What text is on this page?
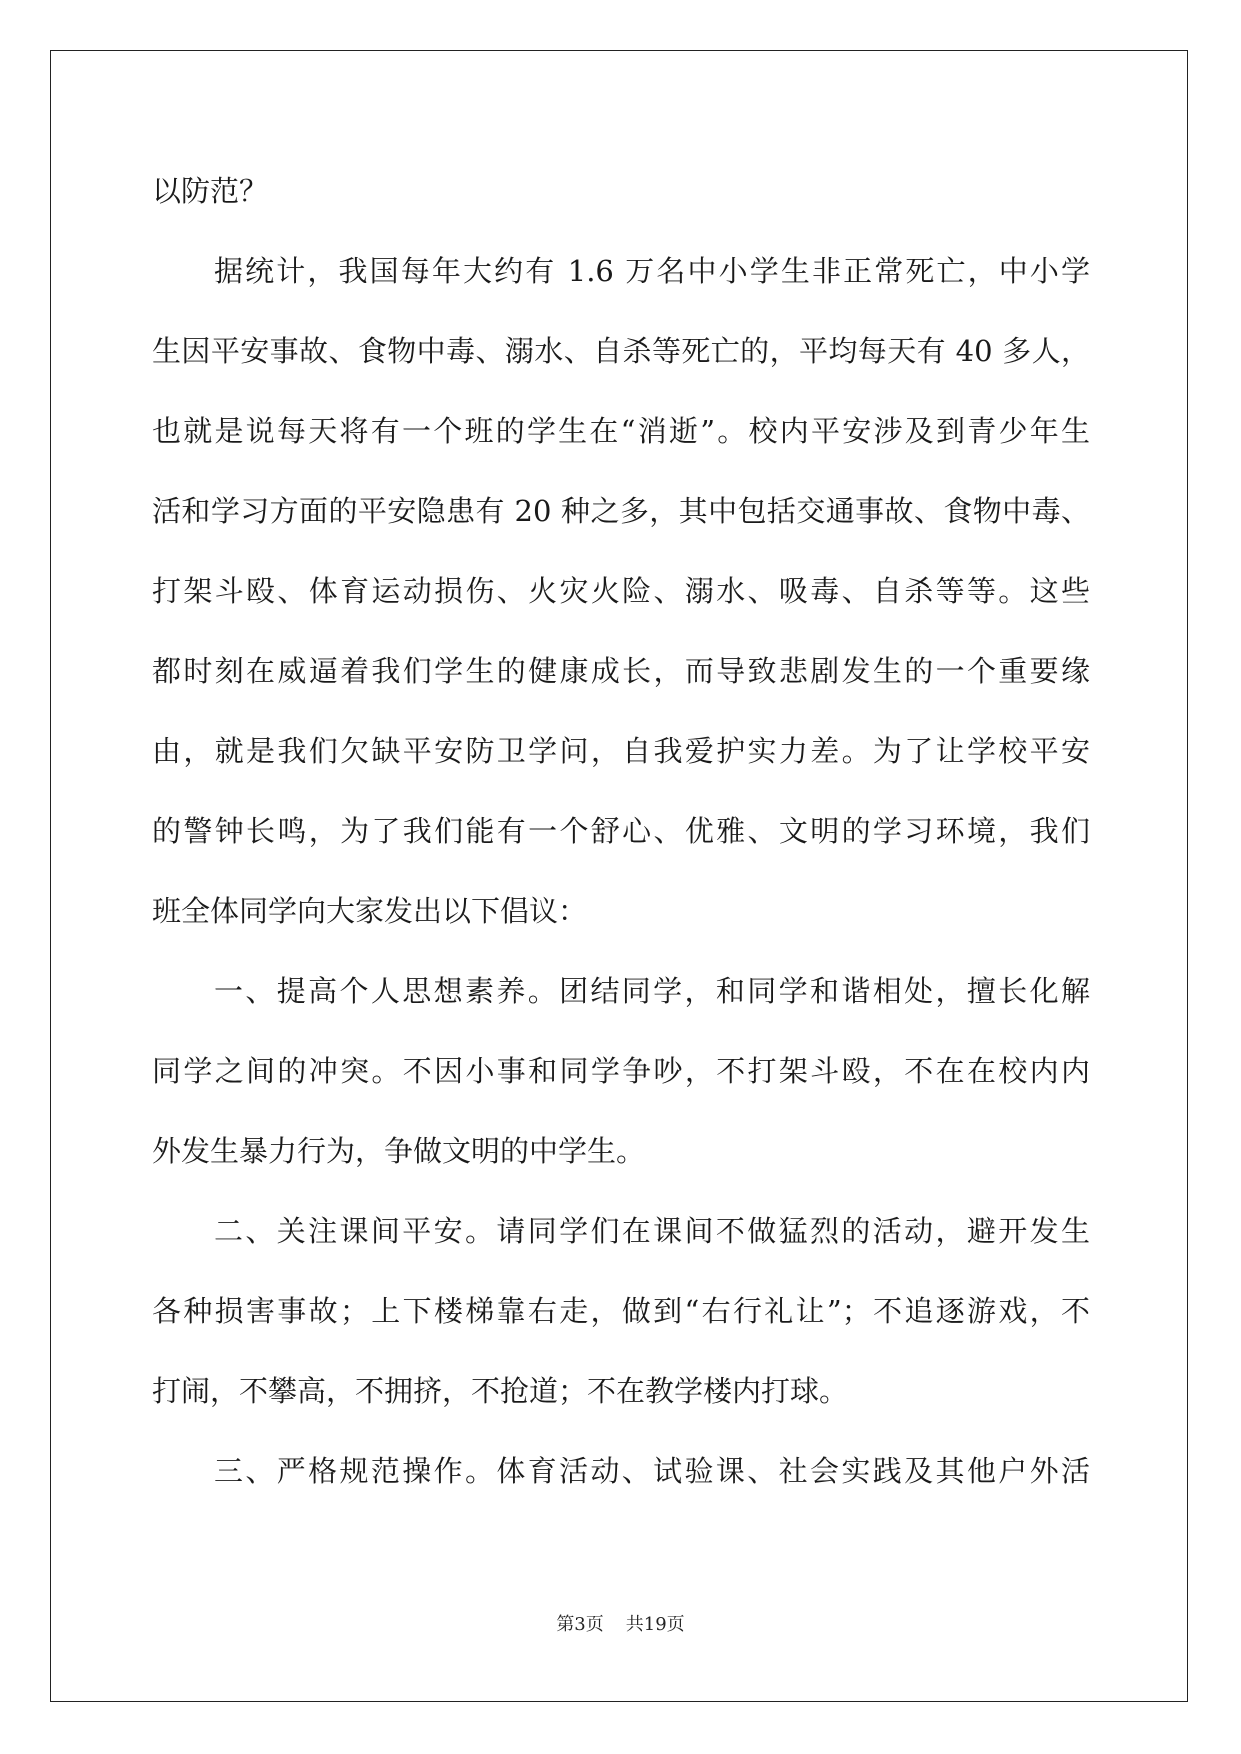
以防范？
据统计，我国每年大约有 1.6 万名中小学生非正常死亡，中小学
生因平安事故、食物中毒、溺水、自杀等死亡的，平均每天有 40 多人，
也就是说每天将有一个班的学生在“消逝”。校内平安涉及到青少年生
活和学习方面的平安隐患有 20 种之多，其中包括交通事故、食物中毒、
打架斗殴、体育运动损伤、火灾火险、溺水、吸毒、自杀等等。这些
都时刻在威逼着我们学生的健康成长，而导致悲剧发生的一个重要缘
由，就是我们欠缺平安防卫学问，自我爱护实力差。为了让学校平安
的警钟长鸣，为了我们能有一个舒心、优雅、文明的学习环境，我们
班全体同学向大家发出以下倡议：
一、提高个人思想素养。团结同学，和同学和谐相处，擅长化解
同学之间的冲突。不因小事和同学争吵，不打架斗殴，不在在校内内
外发生暴力行为，争做文明的中学生。
二、关注课间平安。请同学们在课间不做猛烈的活动，避开发生
各种损害事故；上下楼梯靠右走，做到“右行礼让”；不追逐游戏，不
打闹，不攀高，不拥挤，不抢道；不在教学楼内打球。
三、严格规范操作。体育活动、试验课、社会实践及其他户外活
第3页 共19页
